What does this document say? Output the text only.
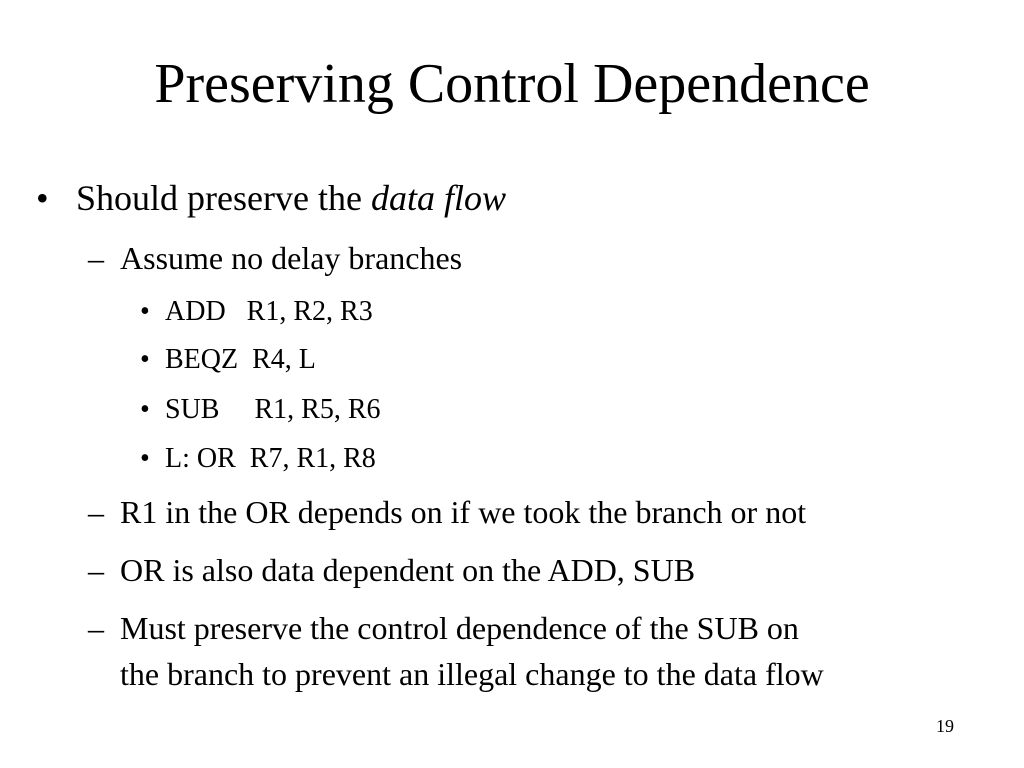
Preserving Control Dependence
• Should preserve the data flow
– Assume no delay branches
• ADD   R1, R2, R3
• BEQZ  R4, L
• SUB     R1, R5, R6
• L: OR  R7, R1, R8
– R1 in the OR depends on if we took the branch or not
– OR is also data dependent on the ADD, SUB
– Must preserve the control dependence of the SUB on
the branch to prevent an illegal change to the data flow
19
